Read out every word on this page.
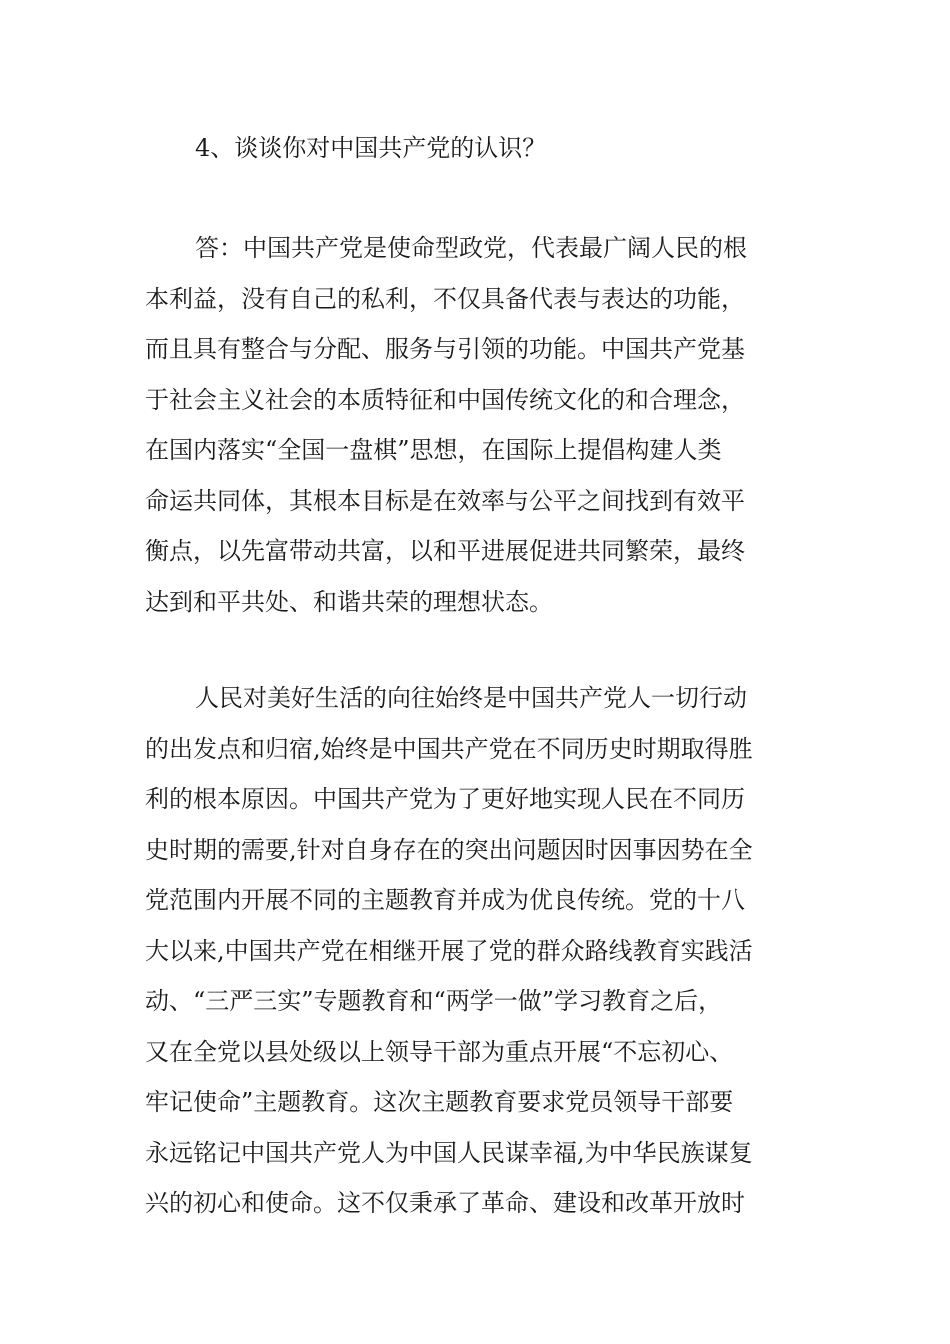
4、谈谈你对中国共产党的认识？
答：中国共产党是使命型政党，代表最广阔人民的根
本利益，没有自己的私利，不仅具备代表与表达的功能，
而且具有整合与分配、服务与引领的功能。中国共产党基
于社会主义社会的本质特征和中国传统文化的和合理念，
在国内落实“全国一盘棋”思想，在国际上提倡构建人类
命运共同体，其根本目标是在效率与公平之间找到有效平
衡点，以先富带动共富，以和平进展促进共同繁荣，最终
达到和平共处、和谐共荣的理想状态。
人民对美好生活的向往始终是中国共产党人一切行动
的出发点和归宿,始终是中国共产党在不同历史时期取得胜
利的根本原因。中国共产党为了更好地实现人民在不同历
史时期的需要,针对自身存在的突出问题因时因事因势在全
党范围内开展不同的主题教育并成为优良传统。党的十八
大以来,中国共产党在相继开展了党的群众路线教育实践活
动、“三严三实”专题教育和“两学一做”学习教育之后，
又在全党以县处级以上领导干部为重点开展“不忘初心、
牢记使命”主题教育。这次主题教育要求党员领导干部要
永远铭记中国共产党人为中国人民谋幸福,为中华民族谋复
兴的初心和使命。这不仅秉承了革命、建设和改革开放时
